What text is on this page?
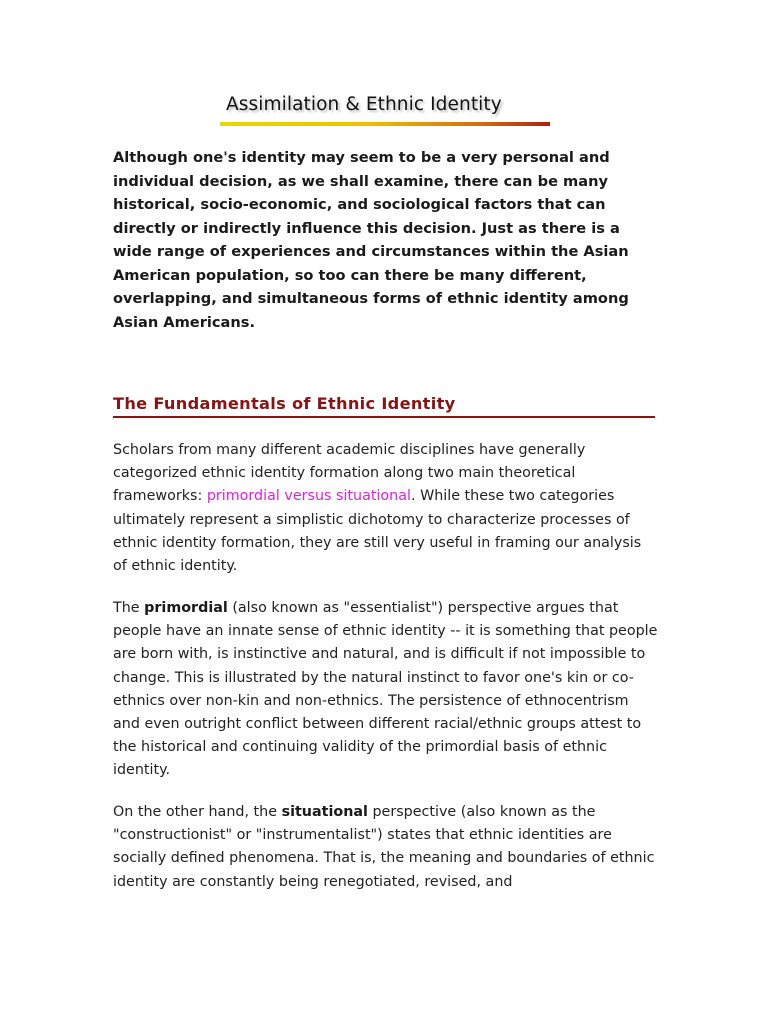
Assimilation & Ethnic Identity

Although one's identity may seem to be a very personal and individual decision, as we shall examine, there can be many historical, socio-economic, and sociological factors that can directly or indirectly influence this decision. Just as there is a wide range of experiences and circumstances within the Asian American population, so too can there be many different, overlapping, and simultaneous forms of ethnic identity among Asian Americans.

The Fundamentals of Ethnic Identity

Scholars from many different academic disciplines have generally categorized ethnic identity formation along two main theoretical frameworks: primordial versus situational. While these two categories ultimately represent a simplistic dichotomy to characterize processes of ethnic identity formation, they are still very useful in framing our analysis of ethnic identity.

The primordial (also known as "essentialist") perspective argues that people have an innate sense of ethnic identity -- it is something that people are born with, is instinctive and natural, and is difficult if not impossible to change. This is illustrated by the natural instinct to favor one's kin or co-ethnics over non-kin and non-ethnics. The persistence of ethnocentrism and even outright conflict between different racial/ethnic groups attest to the historical and continuing validity of the primordial basis of ethnic identity.

On the other hand, the situational perspective (also known as the "constructionist" or "instrumentalist") states that ethnic identities are socially defined phenomena. That is, the meaning and boundaries of ethnic identity are constantly being renegotiated, revised, and
